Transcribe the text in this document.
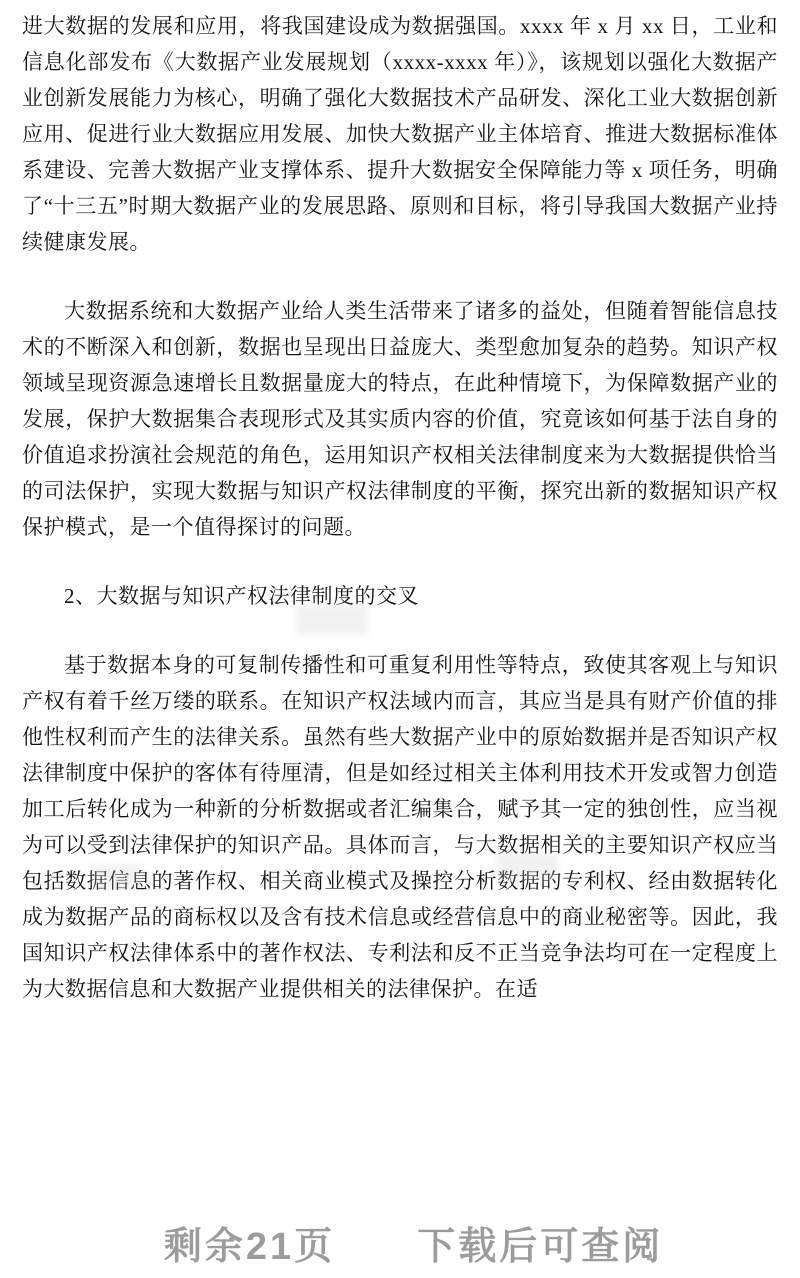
进大数据的发展和应用，将我国建设成为数据强国。xxxx 年 x 月 xx 日，工业和信息化部发布《大数据产业发展规划（xxxx-xxxx 年）》，该规划以强化大数据产业创新发展能力为核心，明确了强化大数据技术产品研发、深化工业大数据创新应用、促进行业大数据应用发展、加快大数据产业主体培育、推进大数据标准体系建设、完善大数据产业支撑体系、提升大数据安全保障能力等 x 项任务，明确了“十三五”时期大数据产业的发展思路、原则和目标，将引导我国大数据产业持续健康发展。

大数据系统和大数据产业给人类生活带来了诸多的益处，但随着智能信息技术的不断深入和创新，数据也呈现出日益庞大、类型愈加复杂的趋势。知识产权领域呈现资源急速增长且数据量庞大的特点，在此种情境下，为保障数据产业的发展，保护大数据集合表现形式及其实质内容的价值，究竟该如何基于法自身的价值追求扮演社会规范的角色，运用知识产权相关法律制度来为大数据提供恰当的司法保护，实现大数据与知识产权法律制度的平衡，探究出新的数据知识产权保护模式，是一个值得探讨的问题。

2、大数据与知识产权法律制度的交叉

基于数据本身的可复制传播性和可重复利用性等特点，致使其客观上与知识产权有着千丝万缕的联系。在知识产权法域内而言，其应当是具有财产价值的排他性权利而产生的法律关系。虽然有些大数据产业中的原始数据并是否知识产权法律制度中保护的客体有待厘清，但是如经过相关主体利用技术开发或智力创造加工后转化成为一种新的分析数据或者汇编集合，赋予其一定的独创性，应当视为可以受到法律保护的知识产品。具体而言，与大数据相关的主要知识产权应当包括数据信息的著作权、相关商业模式及操控分析数据的专利权、经由数据转化成为数据产品的商标权以及含有技术信息或经营信息中的商业秘密等。因此，我国知识产权法律体系中的著作权法、专利法和反不正当竞争法均可在一定程度上为大数据信息和大数据产业提供相关的法律保护。在适

剩余21页　　下载后可查阅
